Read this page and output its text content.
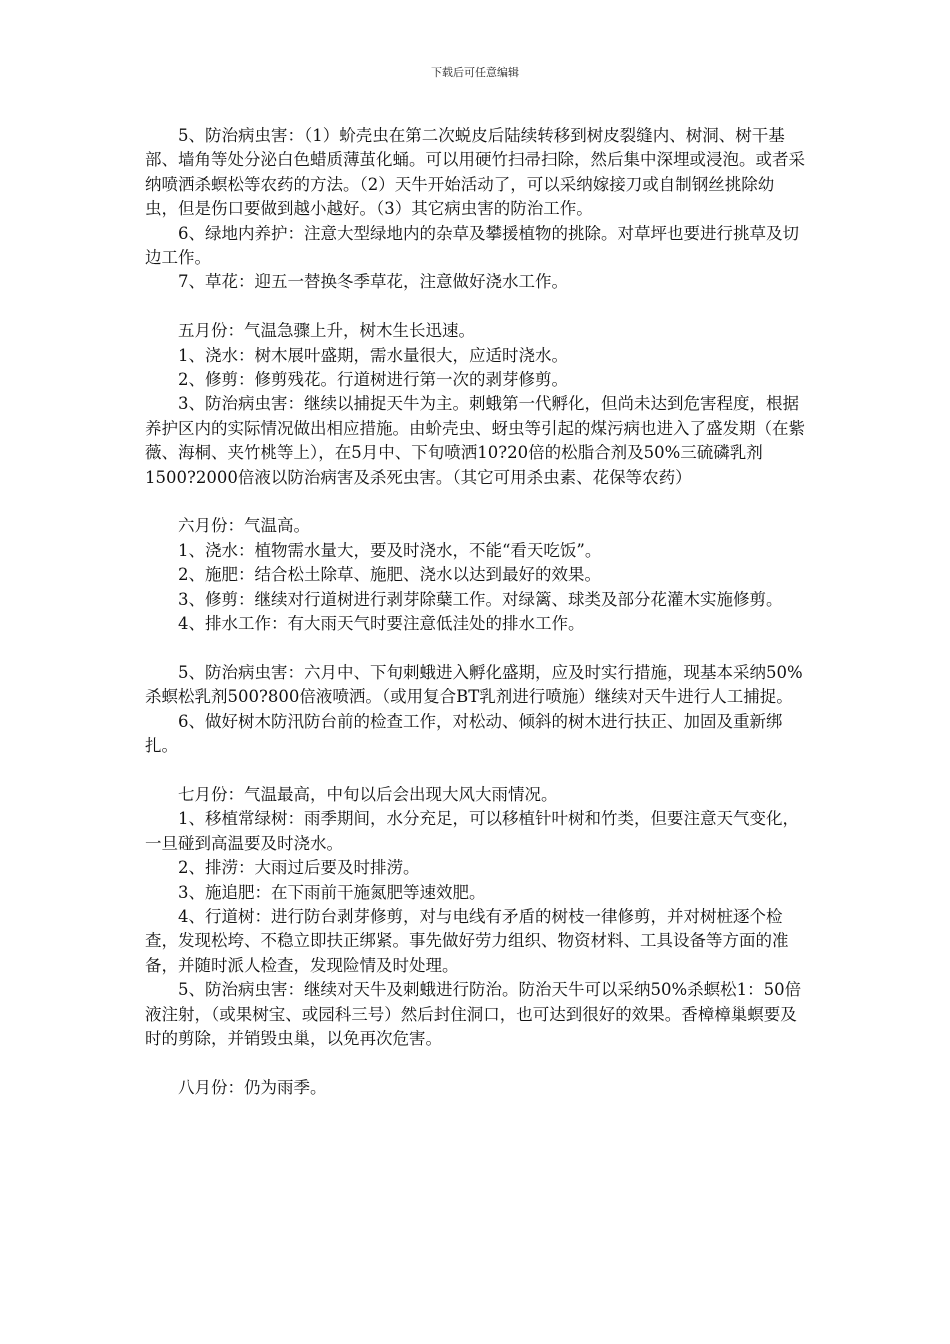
下载后可任意编辑

5、防治病虫害：（1）蚧壳虫在第二次蜕皮后陆续转移到树皮裂缝内、树洞、树干基部、墙角等处分泌白色蜡质薄茧化蛹。可以用硬竹扫帚扫除，然后集中深埋或浸泡。或者采纳喷洒杀螟松等农药的方法。（2）天牛开始活动了，可以采纳嫁接刀或自制钢丝挑除幼虫，但是伤口要做到越小越好。（3）其它病虫害的防治工作。

6、绿地内养护：注意大型绿地内的杂草及攀援植物的挑除。对草坪也要进行挑草及切边工作。

7、草花：迎五一替换冬季草花，注意做好浇水工作。

五月份：气温急骤上升，树木生长迅速。

1、浇水：树木展叶盛期，需水量很大，应适时浇水。

2、修剪：修剪残花。行道树进行第一次的剥芽修剪。

3、防治病虫害：继续以捕捉天牛为主。刺蛾第一代孵化，但尚未达到危害程度，根据养护区内的实际情况做出相应措施。由蚧壳虫、蚜虫等引起的煤污病也进入了盛发期（在紫薇、海桐、夹竹桃等上），在5月中、下旬喷洒10?20倍的松脂合剂及50%三硫磷乳剂1500?2000倍液以防治病害及杀死虫害。（其它可用杀虫素、花保等农药）

六月份：气温高。

1、浇水：植物需水量大，要及时浇水，不能“看天吃饭”。

2、施肥：结合松土除草、施肥、浇水以达到最好的效果。

3、修剪：继续对行道树进行剥芽除蘖工作。对绿篱、球类及部分花灌木实施修剪。

4、排水工作：有大雨天气时要注意低洼处的排水工作。

5、防治病虫害：六月中、下旬刺蛾进入孵化盛期，应及时实行措施，现基本采纳50%杀螟松乳剂500?800倍液喷洒。（或用复合BT乳剂进行喷施）继续对天牛进行人工捕捉。

6、做好树木防汛防台前的检查工作，对松动、倾斜的树木进行扶正、加固及重新绑扎。

七月份：气温最高，中旬以后会出现大风大雨情况。

1、移植常绿树：雨季期间，水分充足，可以移植针叶树和竹类，但要注意天气变化，一旦碰到高温要及时浇水。

2、排涝：大雨过后要及时排涝。

3、施追肥：在下雨前干施氮肥等速效肥。

4、行道树：进行防台剥芽修剪，对与电线有矛盾的树枝一律修剪，并对树桩逐个检查，发现松垮、不稳立即扶正绑紧。事先做好劳力组织、物资材料、工具设备等方面的准备，并随时派人检查，发现险情及时处理。

5、防治病虫害：继续对天牛及刺蛾进行防治。防治天牛可以采纳50%杀螟松1：50倍液注射，（或果树宝、或园科三号）然后封住洞口，也可达到很好的效果。香樟樟巢螟要及时的剪除，并销毁虫巢，以免再次危害。

八月份：仍为雨季。
